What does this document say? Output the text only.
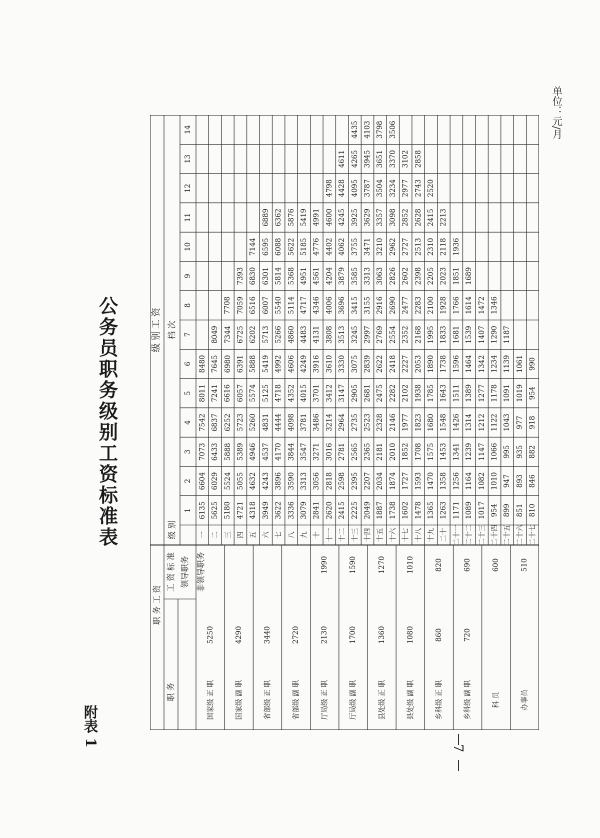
附表 1
公务员职务级别工资标准表
单位：元/月
7
职 务 工 资
工 资 标 准 领导职务 非领导职务
职 务	国家级 正 职
5250
国家级 副 职
4290
省部级 正 职
3440
省部级 副 职
2720
厅局级 正 职
2130
1990
厅局级 副 职
1700
1590
县处级 正 职
1360
1270
县处级 副 职
1080
1010
乡科级 正 职
860
820
乡科级 副 职
720
690
科 员
600
办事员
510
级 别 工 资
级 别
档 次
1
2
3
4
5
6
7
8
9
10
11
12
13
14
一
6135
6604
7073
7542
8011
8480
二
5625
6029
6433
6837
7241
7645
8049
三
5180
5524
5888
6252
6616
6980
7344
7708
四
4721
5055
5389
5723
6057
6391
6725
7059
7393
五
4318
4632
4946
5260
5574
5888
6202
6516
6830
7144
六
3949
4243
4537
4831
5125
5419
5713
6007
6301
6595
6889
七
3622
3896
4170
4444
4718
4992
5266
5540
5814
6088
6362
八
3336
3590
3844
4098
4352
4606
4860
5114
5368
5622
5876
九
3079
3313
3547
3781
4015
4249
4483
4717
4951
5185
5419
十
2841
3056
3271
3486
3701
3916
4131
4346
4561
4776
4991
十一
2620
2818
3016
3214
3412
3610
3808
4006
4204
4402
4600
4798
十二
2415
2598
2781
2964
3147
3330
3513
3696
3879
4062
4245
4428
4611
十三
2225
2395
2565
2735
2905
3075
3245
3415
3585
3755
3925
4095
4265
4435
十四
2049
2207
2365
2523
2681
2839
2997
3155
3313
3471
3629
3787
3945
4103
十五
1887
2034
2181
2328
2475
2622
2769
2916
3063
3210
3357
3504
3651
3798
十六
1738
1874
2010
2146
2282
2418
2554
2690
2826
2962
3098
3234
3370
3506
十七
1602
1727
1852
1977
2102
2227
2352
2477
2602
2727
2852
2977
3102
十八
1478
1593
1708
1823
1938
2053
2168
2283
2398
2513
2628
2743
2858
十九
1365
1470
1575
1680
1785
1890
1995
2100
2205
2310
2415
2520
二十
1263
1358
1453
1548
1643
1738
1833
1928
2023
2118
2213
二十一
1171
1256
1341
1426
1511
1596
1681
1766
1851
1936
二十二
1089
1164
1239
1314
1389
1464
1539
1614
1689
二十三
1017
1082
1147
1212
1277
1342
1407
1472
二十四
954
1010
1066
1122
1178
1234
1290
1346
二十五
899
947
995
1043
1091
1139
1187
二十六
851
893
935
977
1019
1061
二十七
810
846
882
918
954
990
